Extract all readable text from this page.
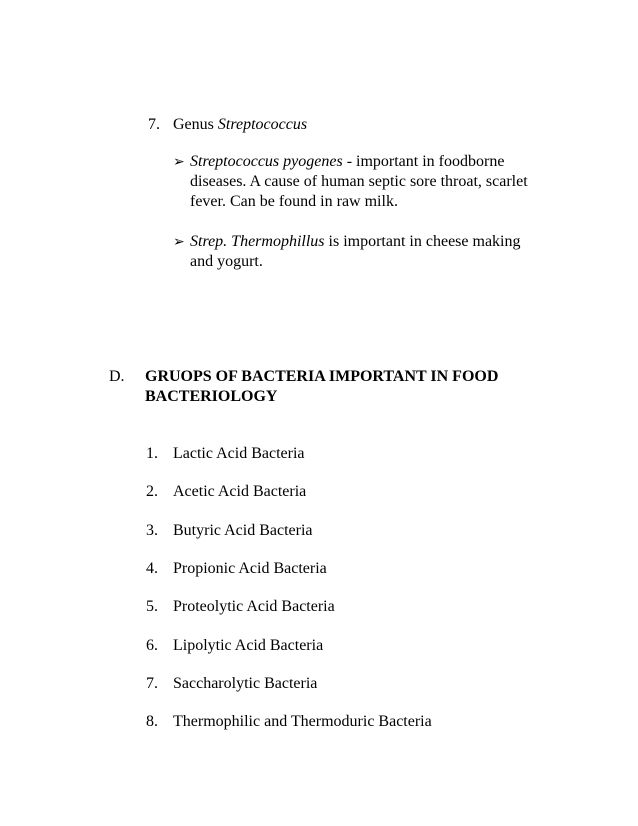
7. Genus Streptococcus
➢ Streptococcus pyogenes - important in foodborne
diseases. A cause of human septic sore throat, scarlet
fever. Can be found in raw milk.
➢ Strep. Thermophillus is important in cheese making
and yogurt.
D. GRUOPS OF BACTERIA IMPORTANT IN FOOD
BACTERIOLOGY
1. Lactic Acid Bacteria
2. Acetic Acid Bacteria
3. Butyric Acid Bacteria
4. Propionic Acid Bacteria
5. Proteolytic Acid Bacteria
6. Lipolytic Acid Bacteria
7. Saccharolytic Bacteria
8. Thermophilic and Thermoduric Bacteria
